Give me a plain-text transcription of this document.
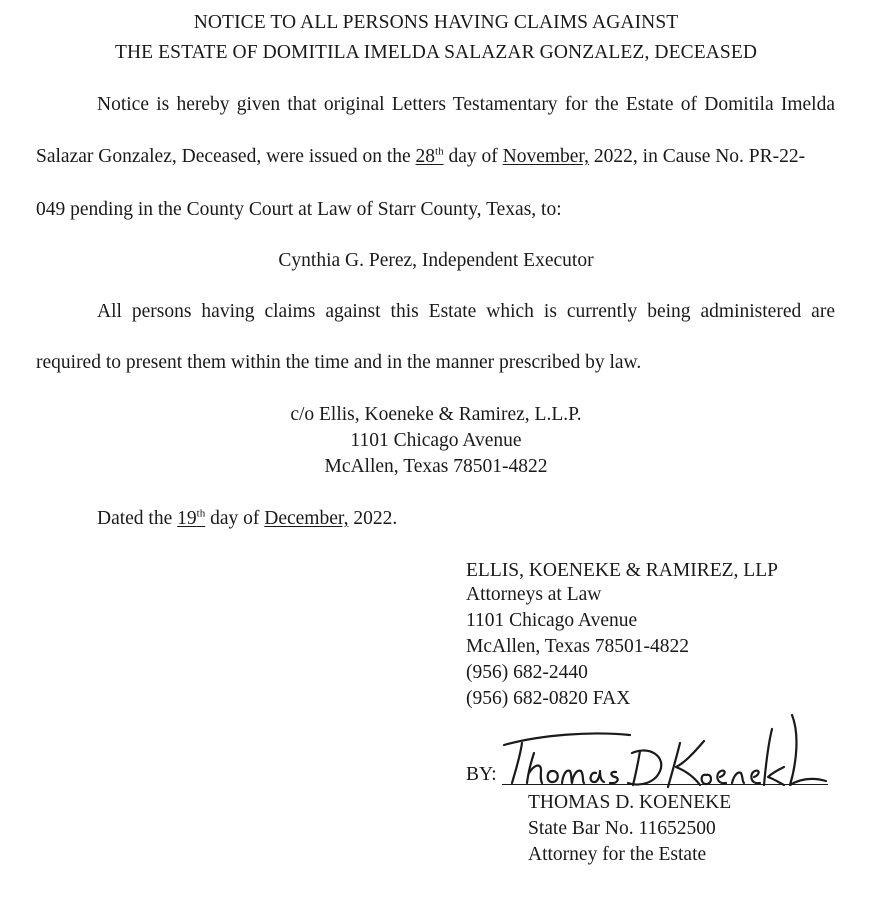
NOTICE TO ALL PERSONS HAVING CLAIMS AGAINST
THE ESTATE OF DOMITILA IMELDA SALAZAR GONZALEZ, DECEASED
Notice is hereby given that original Letters Testamentary for the Estate of Domitila Imelda
Salazar Gonzalez, Deceased, were issued on the 28th day of November, 2022, in Cause No. PR-22-
049 pending in the County Court at Law of Starr County, Texas, to:
Cynthia G. Perez, Independent Executor
All persons having claims against this Estate which is currently being administered are
required to present them within the time and in the manner prescribed by law.
c/o Ellis, Koeneke & Ramirez, L.L.P.
1101 Chicago Avenue
McAllen, Texas 78501-4822
Dated the 19th day of December, 2022.
ELLIS, KOENEKE & RAMIREZ, LLP
Attorneys at Law
1101 Chicago Avenue
McAllen, Texas 78501-4822
(956) 682-2440
(956) 682-0820 FAX
BY:
THOMAS D. KOENEKE
State Bar No. 11652500
Attorney for the Estate
